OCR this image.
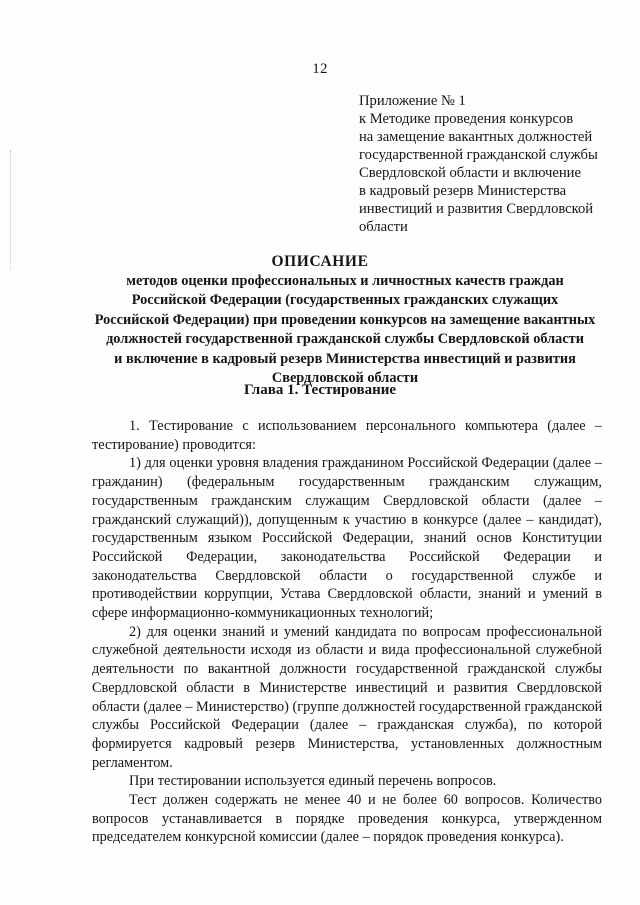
12
Приложение № 1
к Методике проведения конкурсов
на замещение вакантных должностей
государственной гражданской службы
Свердловской области и включение
в кадровый резерв Министерства
инвестиций и развития Свердловской
области
ОПИСАНИЕ
методов оценки профессиональных и личностных качеств граждан
Российской Федерации (государственных гражданских служащих
Российской Федерации) при проведении конкурсов на замещение вакантных
должностей государственной гражданской службы Свердловской области
и включение в кадровый резерв Министерства инвестиций и развития
Свердловской области
Глава 1. Тестирование
1. Тестирование с использованием персонального компьютера (далее –
тестирование) проводится:
1) для оценки уровня владения гражданином Российской Федерации (далее –
гражданин) (федеральным государственным гражданским служащим,
государственным гражданским служащим Свердловской области (далее –
гражданский служащий)), допущенным к участию в конкурсе (далее – кандидат),
государственным языком Российской Федерации, знаний основ Конституции
Российской Федерации, законодательства Российской Федерации и
законодательства Свердловской области о государственной службе и
противодействии коррупции, Устава Свердловской области, знаний и умений в
сфере информационно-коммуникационных технологий;
2) для оценки знаний и умений кандидата по вопросам профессиональной
служебной деятельности исходя из области и вида профессиональной служебной
деятельности по вакантной должности государственной гражданской службы
Свердловской области в Министерстве инвестиций и развития Свердловской
области (далее – Министерство) (группе должностей государственной гражданской
службы Российской Федерации (далее – гражданская служба), по которой
формируется кадровый резерв Министерства, установленных должностным
регламентом.
При тестировании используется единый перечень вопросов.
Тест должен содержать не менее 40 и не более 60 вопросов. Количество
вопросов устанавливается в порядке проведения конкурса, утвержденном
председателем конкурсной комиссии (далее – порядок проведения конкурса).
